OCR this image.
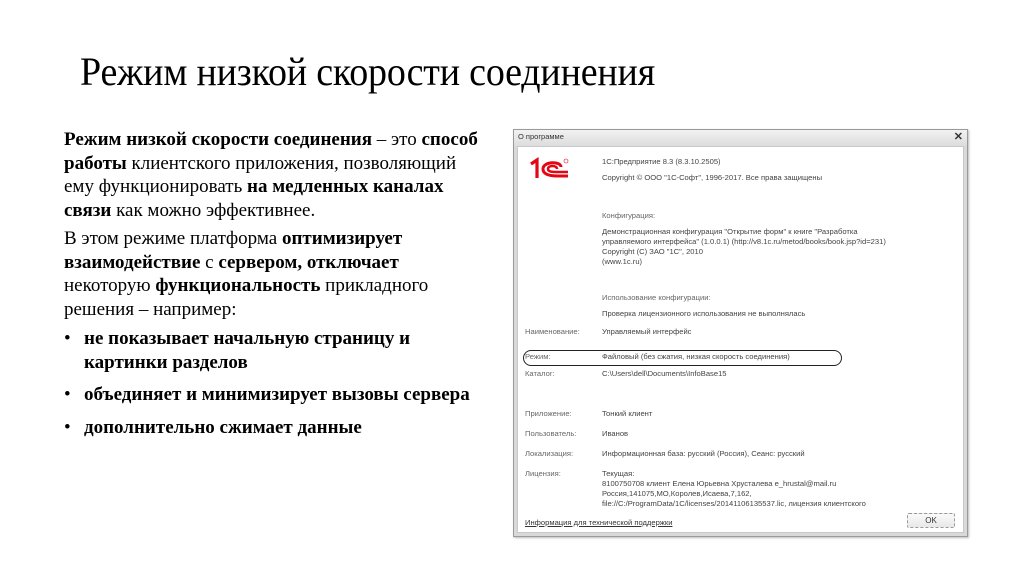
Режим низкой скорости соединения

Режим низкой скорости соединения – это способ работы клиентского приложения, позволяющий ему функционировать на медленных каналах связи как можно эффективнее.

В этом режиме платформа оптимизирует взаимодействие с сервером, отключает некоторую функциональность прикладного решения – например:

• не показывает начальную страницу и картинки разделов
• объединяет и минимизирует вызовы сервера
• дополнительно сжимает данные
О программе	✕
1С:Предприятие 8.3 (8.3.10.2505)
Copyright © ООО "1С-Софт", 1996-2017. Все права защищены
Конфигурация:
Демонстрационная конфигурация "Открытие форм" к книге "Разработка
управляемого интерфейса" (1.0.0.1) (http://v8.1c.ru/metod/books/book.jsp?id=231)
Copyright (C) ЗАО "1С", 2010
(www.1c.ru)
Использование конфигурации:
Проверка лицензионного использования не выполнялась
Наименование:	Управляемый интерфейс
Режим:	Файловый (без сжатия, низкая скорость соединения)
Каталог:	C:\Users\dell\Documents\InfoBase15
Приложение:	Тонкий клиент
Пользователь:	Иванов
Локализация:	Информационная база: русский (Россия), Сеанс: русский
Лицензия:	Текущая:
8100750708 клиент Елена Юрьевна Хрусталева e_hrustal@mail.ru
Россия,141075,МО,Королев,Исаева,7,162,
file://C:/ProgramData/1C/licenses/20141106135537.lic, лицензия клиентского
Информация для технической поддержки	OK
